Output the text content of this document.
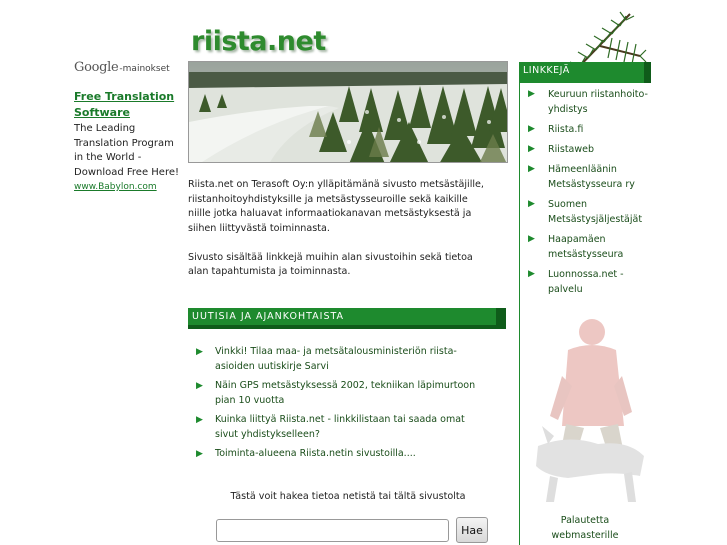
Google -mainokset
Free Translation
Software
The Leading Translation Program in the World - Download Free Here!
www.Babylon.com
riista.net

Riista.net on Terasoft Oy:n ylläpitämänä sivusto metsästäjille, riistanhoitoyhdistyksille ja metsästysseuroille sekä kaikille niille jotka haluavat informaatiokanavan metsästyksestä ja siihen liittyvästä toiminnasta.

Sivusto sisältää linkkejä muihin alan sivustoihin sekä tietoa alan tapahtumista ja toiminnasta.

UUTISIA JA AJANKOHTAISTA
▶	Vinkki! Tilaa maa- ja metsätalousministeriön riista-asioiden uutiskirje Sarvi
▶	Näin GPS metsästyksessä 2002, tekniikan läpimurtoon pian 10 vuotta
▶	Kuinka liittyä Riista.net - linkkilistaan tai saada omat sivut yhdistykselleen?
▶	Toiminta-alueena Riista.netin sivustoilla....
Tästä voit hakea tietoa netistä tai tältä sivustolta
Hae
LINKKEJÄ
▶	Keuruun riistanhoito-yhdistys
▶	Riista.fi
▶	Riistaweb
▶	Hämeenläänin Metsästysseura ry
▶	Suomen Metsästysjäljestäjät
▶	Haapamäen metsästysseura
▶	Luonnossa.net -palvelu
Palautetta
webmasterille
